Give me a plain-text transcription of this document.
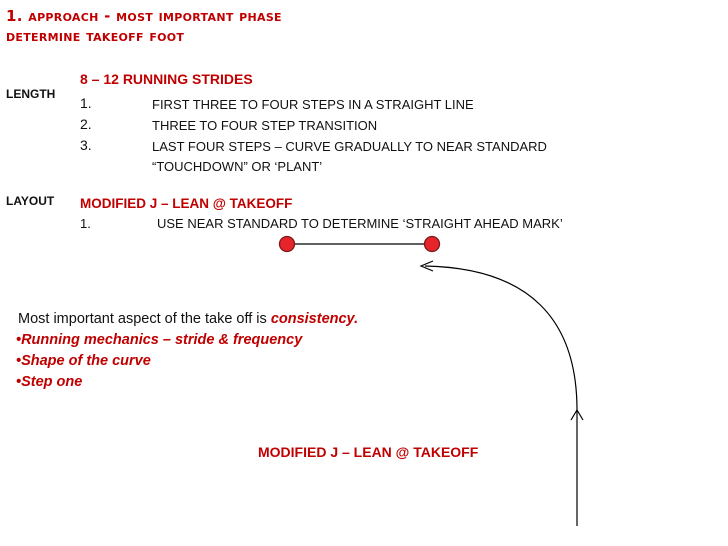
1. approach - most important phase
determine takeoff foot
LENGTH
8 – 12 RUNNING STRIDES
1.	FIRST THREE TO FOUR STEPS IN A STRAIGHT LINE
2.	THREE TO FOUR STEP TRANSITION
3.	LAST FOUR STEPS – CURVE GRADUALLY TO NEAR STANDARD
“TOUCHDOWN” OR ‘PLANT’
LAYOUT MODIFIED J – LEAN @ TAKEOFF
1.	USE NEAR STANDARD TO DETERMINE ‘STRAIGHT AHEAD MARK’
Most important aspect of the take off is consistency.
•Running mechanics – stride & frequency
•Shape of the curve
•Step one
MODIFIED J – LEAN @ TAKEOFF
